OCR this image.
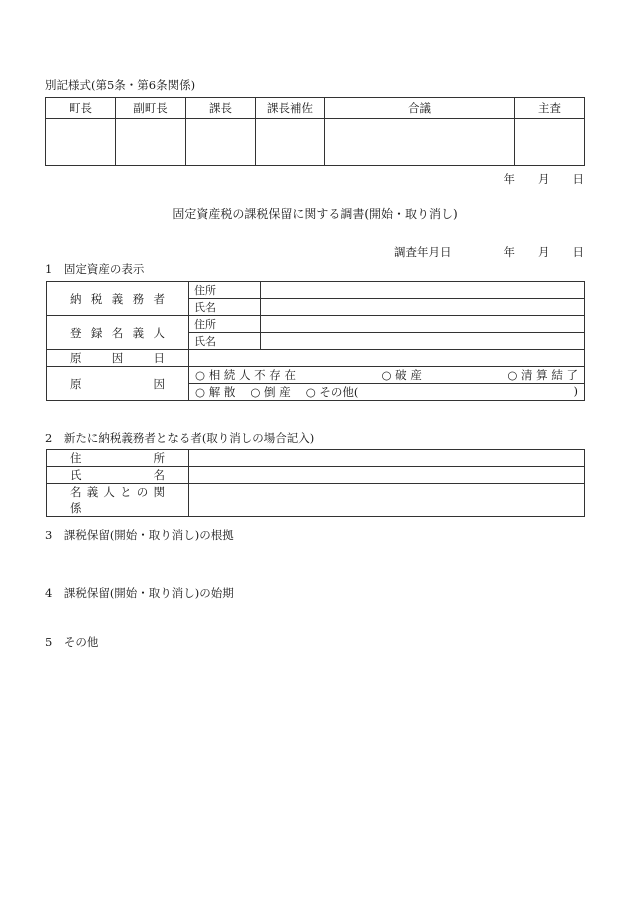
別記様式(第5条・第6条関係)
町長	副町長	課長	課長補佐	合議	主査

年　　月　　日
固定資産税の課税保留に関する調書(開始・取り消し)
調査年月日	年　　月　　日
1　固定資産の表示
納 税 義 務 者	住所	
	氏名	
登 録 名 義 人	住所	
	氏名	
原 因 日		
原 因	○ 相 続 人 不 存 在 ○ 破 産 ○ 清 算 結 了	

	○ 解 散 ○ 倒 産 ○ その他( )	
2　新たに納税義務者となる者(取り消しの場合記入)
住 所	
氏 名	
名 義 人 と の 関 係	
3　課税保留(開始・取り消し)の根拠
4　課税保留(開始・取り消し)の始期
5　その他
